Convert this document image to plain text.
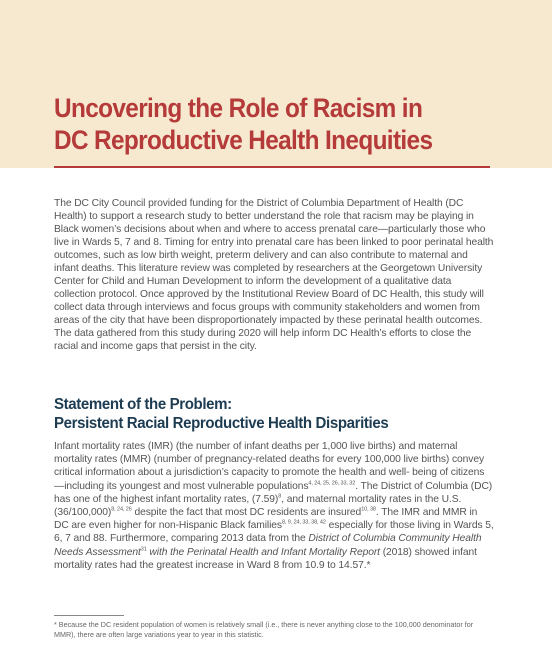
Uncovering the Role of Racism in
DC Reproductive Health Inequities

The DC City Council provided funding for the District of Columbia Department of Health (DC Health) to support a research study to better understand the role that racism may be playing in Black women’s decisions about when and where to access prenatal care—particularly those who live in Wards 5, 7 and 8. Timing for entry into prenatal care has been linked to poor perinatal health outcomes, such as low birth weight, preterm delivery and can also contribute to maternal and infant deaths. This literature review was completed by researchers at the Georgetown University Center for Child and Human Development to inform the development of a qualitative data collection protocol. Once approved by the Institutional Review Board of DC Health, this study will collect data through interviews and focus groups with community stakeholders and women from areas of the city that have been disproportionately impacted by these perinatal health outcomes. The data gathered from this study during 2020 will help inform DC Health’s efforts to close the racial and income gaps that persist in the city.

Statement of the Problem:
Persistent Racial Reproductive Health Disparities

Infant mortality rates (IMR) (the number of infant deaths per 1,000 live births) and maternal mortality rates (MMR) (number of pregnancy-related deaths for every 100,000 live births) convey critical information about a jurisdiction’s capacity to promote the health and well- being of citizens—including its youngest and most vulnerable populations$^{4, 24, 25, 26, 33, 32}$. The District of Columbia (DC) has one of the highest infant mortality rates, $(7.59)^8$, and maternal mortality rates in the U.S. $(36/100,000)^{8, 24, 26}$ despite the fact that most DC residents are insured$^{10, 38}$. The IMR and MMR in DC are even higher for non-Hispanic Black families$^{8, 9, 24, 33, 38, 42}$ especially for those living in Wards 5, 6, 7 and 88. Furthermore, comparing 2013 data from the District of Columbia Community Health Needs Assessment$^{31}$ with the Perinatal Health and Infant Mortality Report (2018) showed infant mortality rates had the greatest increase in Ward 8 from 10.9 to 14.57.*

* Because the DC resident population of women is relatively small (i.e., there is never anything close to the 100,000 denominator for MMR), there are often large variations year to year in this statistic.
